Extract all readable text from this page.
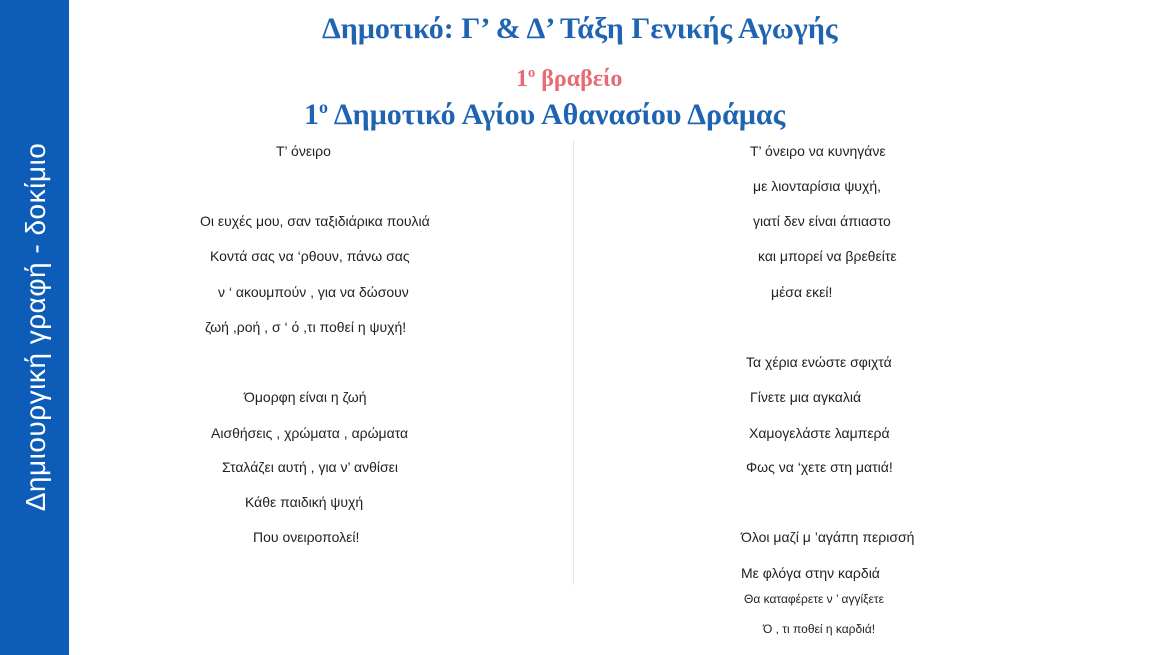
Δημιουργική γραφή - δοκίμιο
Δημοτικό: Γ’ & Δ’ Τάξη Γενικής Αγωγής
$1^o$ βραβείο
$1^o$ Δημοτικό Αγίου Αθανασίου Δράμας
Τ’ όνειρο
Οι ευχές μου, σαν ταξιδιάρικα πουλιά
Κοντά σας να ‘ρθουν, πάνω σας
ν ‘ ακουμπούν , για να δώσουν
ζωή ,ροή , σ ‘ ό ,τι ποθεί η ψυχή!
Όμορφη είναι η ζωή
Αισθήσεις , χρώματα , αρώματα
Σταλάζει αυτή , για ν’ ανθίσει
Κάθε παιδική ψυχή
Που ονειροπολεί!
Τ’ όνειρο να κυνηγάνε
με λιονταρίσια ψυχή,
γιατί δεν είναι άπιαστο
και μπορεί να βρεθείτε
μέσα εκεί!
Τα χέρια ενώστε σφιχτά
Γίνετε μια αγκαλιά
Χαμογελάστε λαμπερά
Φως να ‘χετε στη ματιά!
Όλοι μαζί μ ’αγάπη περισσή
Με φλόγα στην καρδιά
Θα καταφέρετε ν ’ αγγίξετε
Ό , τι ποθεί η καρδιά!
